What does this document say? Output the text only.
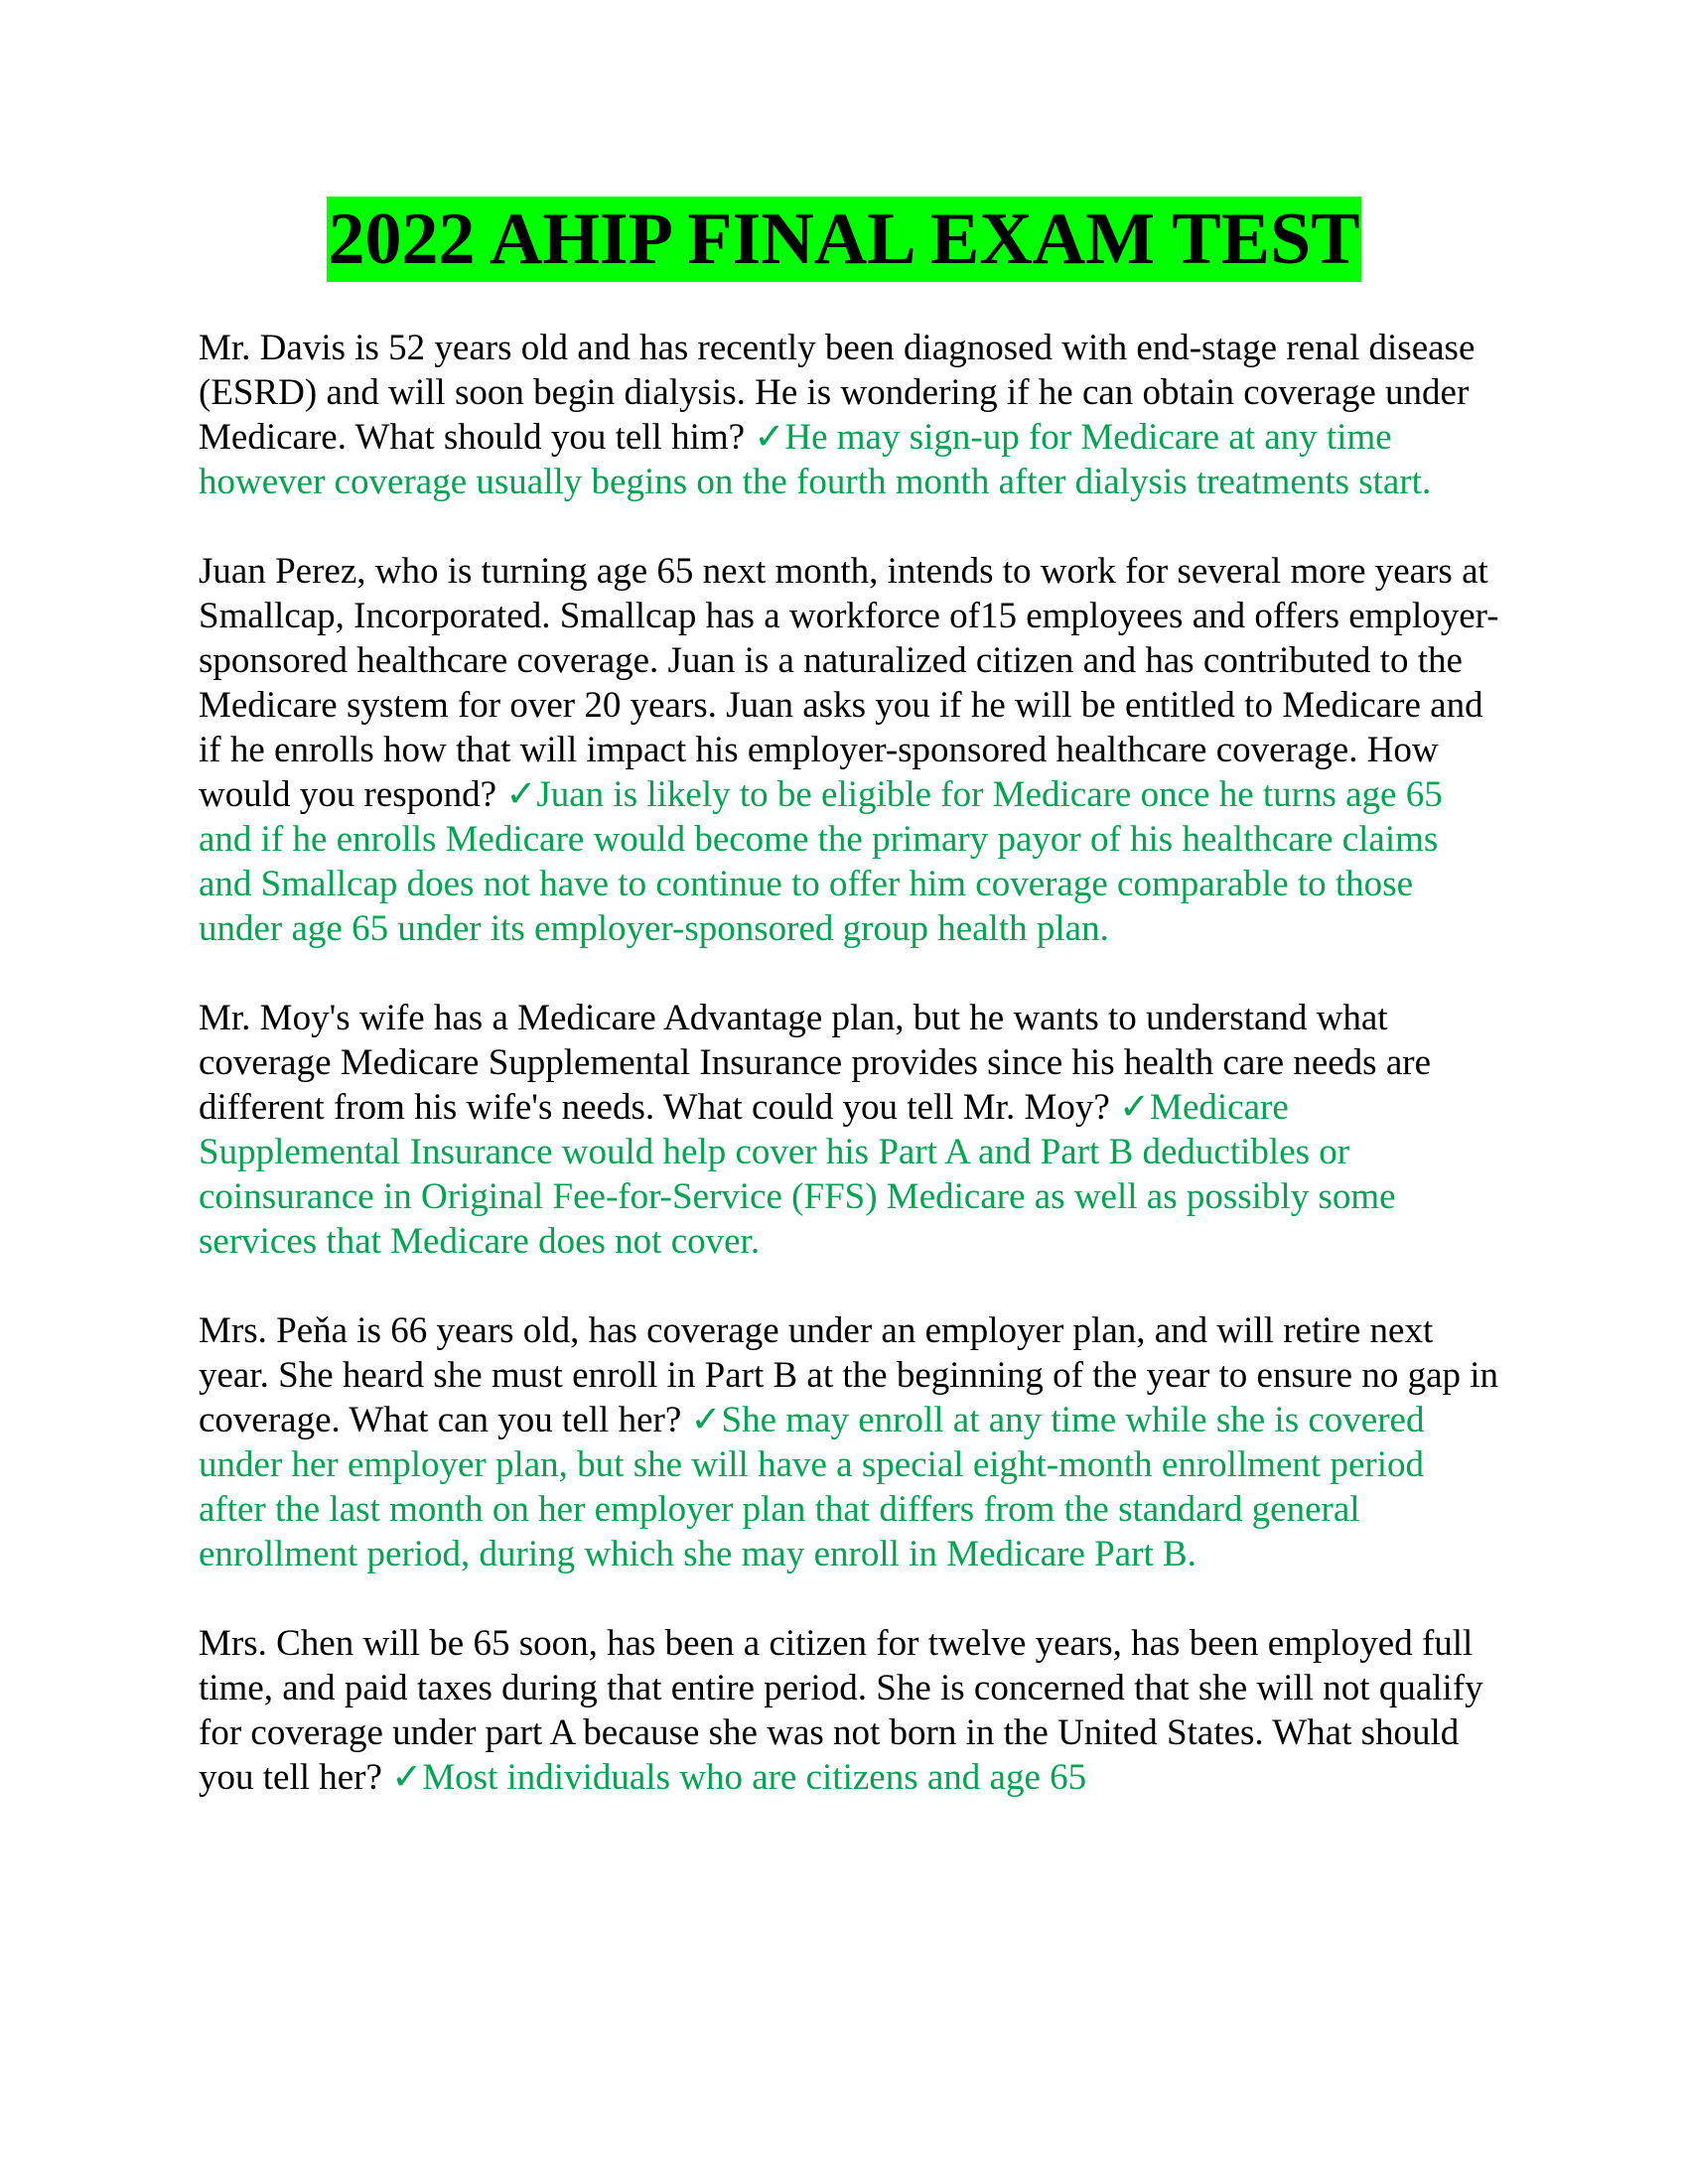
2022 AHIP FINAL EXAM TEST

Mr. Davis is 52 years old and has recently been diagnosed with end-stage renal disease (ESRD) and will soon begin dialysis. He is wondering if he can obtain coverage under Medicare. What should you tell him? ✓He may sign-up for Medicare at any time however coverage usually begins on the fourth month after dialysis treatments start.

Juan Perez, who is turning age 65 next month, intends to work for several more years at Smallcap, Incorporated. Smallcap has a workforce of15 employees and offers employer-sponsored healthcare coverage. Juan is a naturalized citizen and has contributed to the Medicare system for over 20 years. Juan asks you if he will be entitled to Medicare and if he enrolls how that will impact his employer-sponsored healthcare coverage. How would you respond? ✓Juan is likely to be eligible for Medicare once he turns age 65 and if he enrolls Medicare would become the primary payor of his healthcare claims and Smallcap does not have to continue to offer him coverage comparable to those under age 65 under its employer-sponsored group health plan.

Mr. Moy's wife has a Medicare Advantage plan, but he wants to understand what coverage Medicare Supplemental Insurance provides since his health care needs are different from his wife's needs. What could you tell Mr. Moy? ✓Medicare Supplemental Insurance would help cover his Part A and Part B deductibles or coinsurance in Original Fee-for-Service (FFS) Medicare as well as possibly some services that Medicare does not cover.

Mrs. Peňa is 66 years old, has coverage under an employer plan, and will retire next year. She heard she must enroll in Part B at the beginning of the year to ensure no gap in coverage. What can you tell her? ✓She may enroll at any time while she is covered under her employer plan, but she will have a special eight-month enrollment period after the last month on her employer plan that differs from the standard general enrollment period, during which she may enroll in Medicare Part B.

Mrs. Chen will be 65 soon, has been a citizen for twelve years, has been employed full time, and paid taxes during that entire period. She is concerned that she will not qualify for coverage under part A because she was not born in the United States. What should you tell her? ✓Most individuals who are citizens and age 65
